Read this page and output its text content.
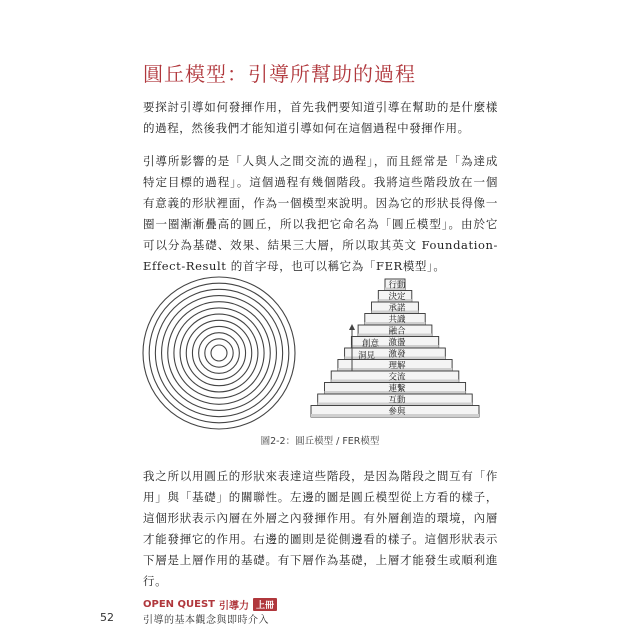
圓丘模型：引導所幫助的過程

要探討引導如何發揮作用，首先我們要知道引導在幫助的是什麼樣的過程，然後我們才能知道引導如何在這個過程中發揮作用。

引導所影響的是「人與人之間交流的過程」，而且經常是「為達成特定目標的過程」。這個過程有幾個階段。我將這些階段放在一個有意義的形狀裡面，作為一個模型來說明。因為它的形狀長得像一圈一圈漸漸疊高的圓丘，所以我把它命名為「圓丘模型」。由於它可以分為基礎、效果、結果三大層，所以取其英文 Foundation-Effect-Result 的首字母，也可以稱它為「FER模型」。

行動
決定
承諾
共識
融合
激盪
激發
理解
交流
連繫
互動
參與
創意
洞見
圖2-2：圓丘模型 / FER模型

我之所以用圓丘的形狀來表達這些階段，是因為階段之間互有「作用」與「基礎」的關聯性。左邊的圖是圓丘模型從上方看的樣子，這個形狀表示內層在外層之內發揮作用。有外層創造的環境，內層才能發揮它的作用。右邊的圖則是從側邊看的樣子。這個形狀表示下層是上層作用的基礎。有下層作為基礎，上層才能發生或順利進行。

52
OPEN QUEST 引導力 上冊
引導的基本觀念與即時介入
